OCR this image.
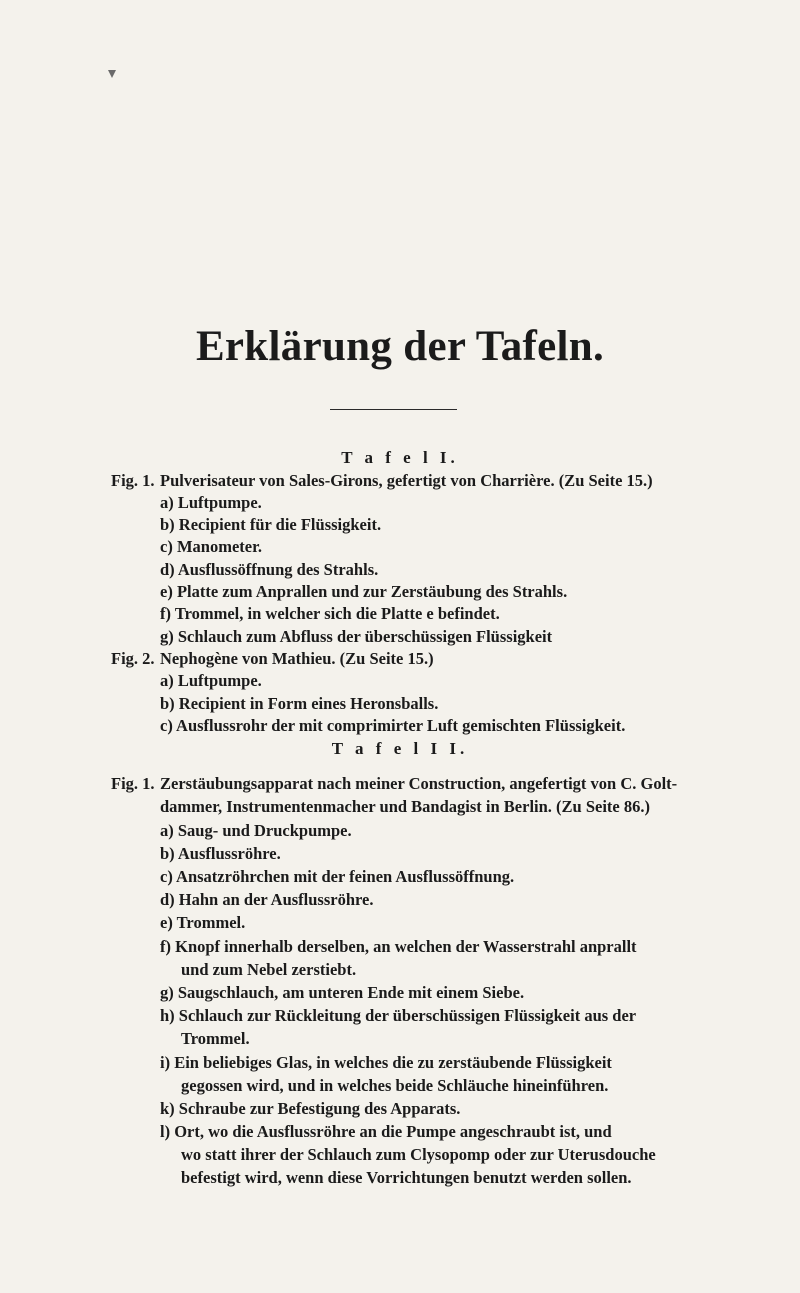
Erklärung der Tafeln.
T a f e l I.
Fig. 1. Pulverisateur von Sales-Girons, gefertigt von Charrière. (Zu Seite 15.)
a) Luftpumpe.
b) Recipient für die Flüssigkeit.
c) Manometer.
d) Ausflussöffnung des Strahls.
e) Platte zum Anprallen und zur Zerstäubung des Strahls.
f) Trommel, in welcher sich die Platte e befindet.
g) Schlauch zum Abfluss der überschüssigen Flüssigkeit
Fig. 2. Nephogène von Mathieu. (Zu Seite 15.)
a) Luftpumpe.
b) Recipient in Form eines Heronsballs.
c) Ausflussrohr der mit comprimirter Luft gemischten Flüssigkeit.
T a f e l I I.
Fig. 1. Zerstäubungsapparat nach meiner Construction, angefertigt von C. Golt-
dammer, Instrumentenmacher und Bandagist in Berlin. (Zu Seite 86.)
a) Saug- und Druckpumpe.
b) Ausflussröhre.
c) Ansatzröhrchen mit der feinen Ausflussöffnung.
d) Hahn an der Ausflussröhre.
e) Trommel.
f) Knopf innerhalb derselben, an welchen der Wasserstrahl anprallt
und zum Nebel zerstiebt.
g) Saugschlauch, am unteren Ende mit einem Siebe.
h) Schlauch zur Rückleitung der überschüssigen Flüssigkeit aus der
Trommel.
i) Ein beliebiges Glas, in welches die zu zerstäubende Flüssigkeit
gegossen wird, und in welches beide Schläuche hineinführen.
k) Schraube zur Befestigung des Apparats.
l) Ort, wo die Ausflussröhre an die Pumpe angeschraubt ist, und
wo statt ihrer der Schlauch zum Clysopomp oder zur Uterusdouche
befestigt wird, wenn diese Vorrichtungen benutzt werden sollen.
